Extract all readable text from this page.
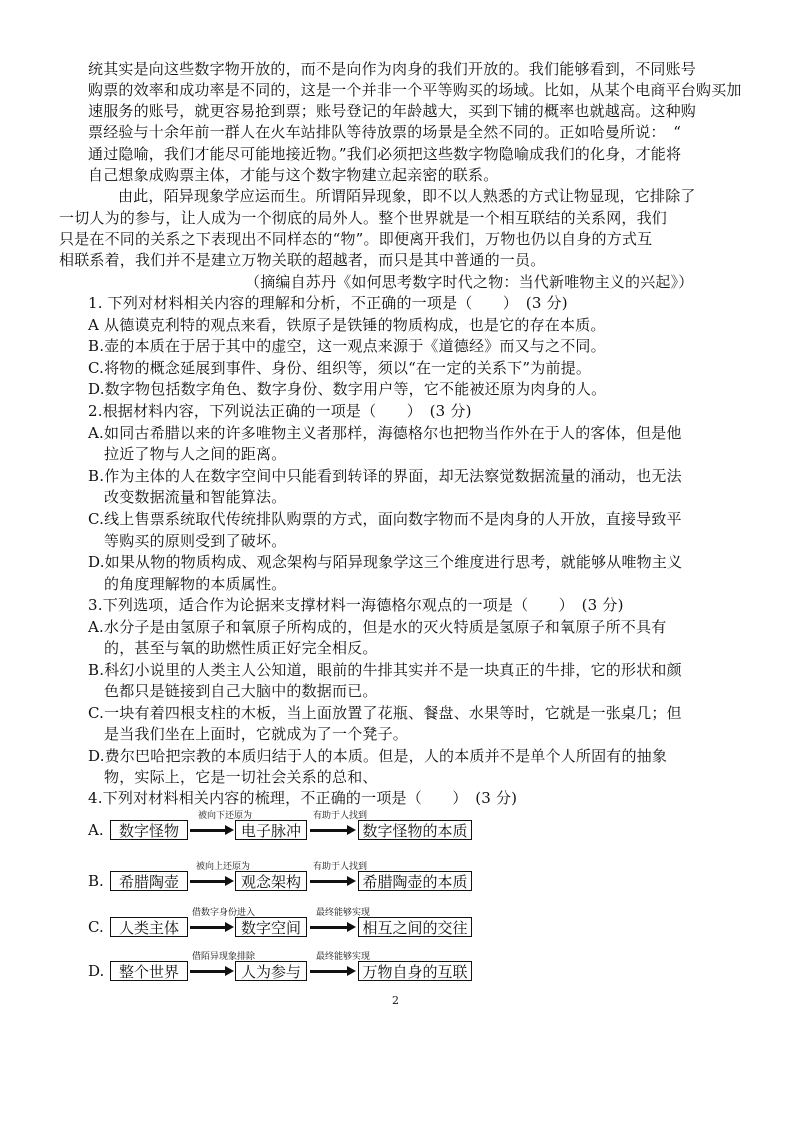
统其实是向这些数字物开放的，而不是向作为肉身的我们开放的。我们能够看到，不同账号
购票的效率和成功率是不同的，这是一个并非一个平等购买的场域。比如，从某个电商平台购买加
速服务的账号，就更容易抢到票；账号登记的年龄越大，买到下铺的概率也就越高。这种购
票经验与十余年前一群人在火车站排队等待放票的场景是全然不同的。正如哈曼所说：　“
通过隐喻，我们才能尽可能地接近物。”我们必须把这些数字物隐喻成我们的化身，才能将
自己想象成购票主体，才能与这个数字物建立起亲密的联系。
由此，陌异现象学应运而生。所谓陌异现象，即不以人熟悉的方式让物显现，它排除了
一切人为的参与，让人成为一个彻底的局外人。整个世界就是一个相互联结的关系网，我们
只是在不同的关系之下表现出不同样态的“物”。即便离开我们，万物也仍以自身的方式互
相联系着，我们并不是建立万物关联的超越者，而只是其中普通的一员。
（摘编自苏丹《如何思考数字时代之物：当代新唯物主义的兴起》）
1. 下列对材料相关内容的理解和分析，不正确的一项是（　　）　(3 分)
A 从德谟克利特的观点来看，铁原子是铁锤的物质构成，也是它的存在本质。
B.壶的本质在于居于其中的虚空，这一观点来源于《道德经》而又与之不同。
C.将物的概念延展到事件、身份、组织等，须以“在一定的关系下”为前提。
D.数字物包括数字角色、数字身份、数字用户等，它不能被还原为肉身的人。
2.根据材料内容，下列说法正确的一项是（　　）　(3 分)
A.如同古希腊以来的许多唯物主义者那样，海德格尔也把物当作外在于人的客体，但是他
拉近了物与人之间的距离。
B.作为主体的人在数字空间中只能看到转译的界面，却无法察觉数据流量的涌动，也无法
改变数据流量和智能算法。
C.线上售票系统取代传统排队购票的方式，面向数字物而不是肉身的人开放，直接导致平
等购买的原则受到了破坏。
D.如果从物的物质构成、观念架构与陌异现象学这三个维度进行思考，就能够从唯物主义
的角度理解物的本质属性。
3.下列选项，适合作为论据来支撑材料一海德格尔观点的一项是（　　）　(3 分)
A.水分子是由氢原子和氧原子所构成的，但是水的灭火特质是氢原子和氧原子所不具有
的，甚至与氧的助燃性质正好完全相反。
B.科幻小说里的人类主人公知道，眼前的牛排其实并不是一块真正的牛排，它的形状和颜
色都只是链接到自己大脑中的数据而已。
C.一块有着四根支柱的木板，当上面放置了花瓶、餐盘、水果等时，它就是一张桌几；但
是当我们坐在上面时，它就成为了一个凳子。
D.费尔巴哈把宗教的本质归结于人的本质。但是，人的本质并不是单个人所固有的抽象
物，实际上，它是一切社会关系的总和、
4.下列对材料相关内容的梳理，不正确的一项是（　　）　(3 分)
A.	数字怪物
被向下还原为
电子脉冲
有助于人找到
数字怪物的本质
B.	希腊陶壶
被向上还原为
观念架构
有助于人找到
希腊陶壶的本质
C.	人类主体
借数字身份进入
数字空间
最终能够实现
相互之间的交往
D. 整个世界
借陌异现象排除
人为参与
最终能够实现
万物自身的互联
2
